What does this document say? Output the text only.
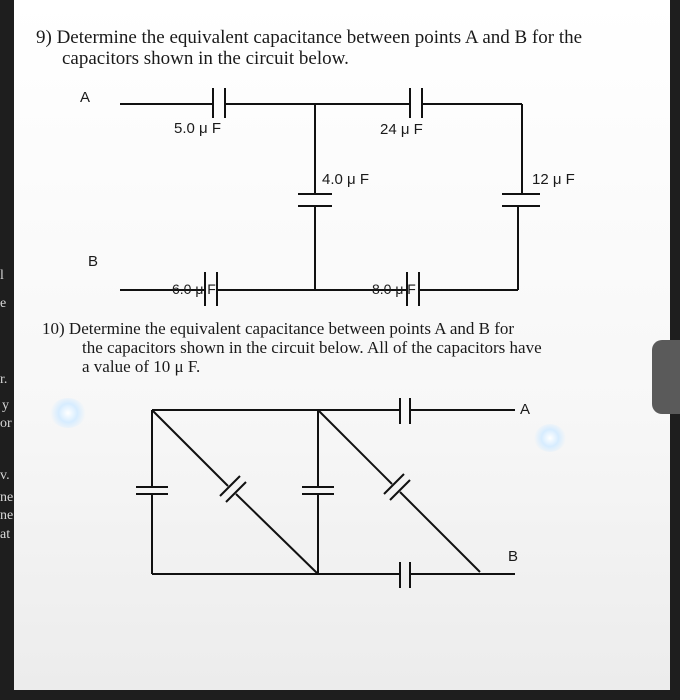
l
e
r.
y
or
v.
ne
ne
at
9) Determine the equivalent capacitance between points A and B for the
capacitors shown in the circuit below.
A
B
5.0 μ F	24 μ F
4.0 μ F	12 μ F
6.0 μ F	8.0 μ F
10) Determine the equivalent capacitance between points A and B for
the capacitors shown in the circuit below. All of the capacitors have
a value of 10 μ F.
A
B
